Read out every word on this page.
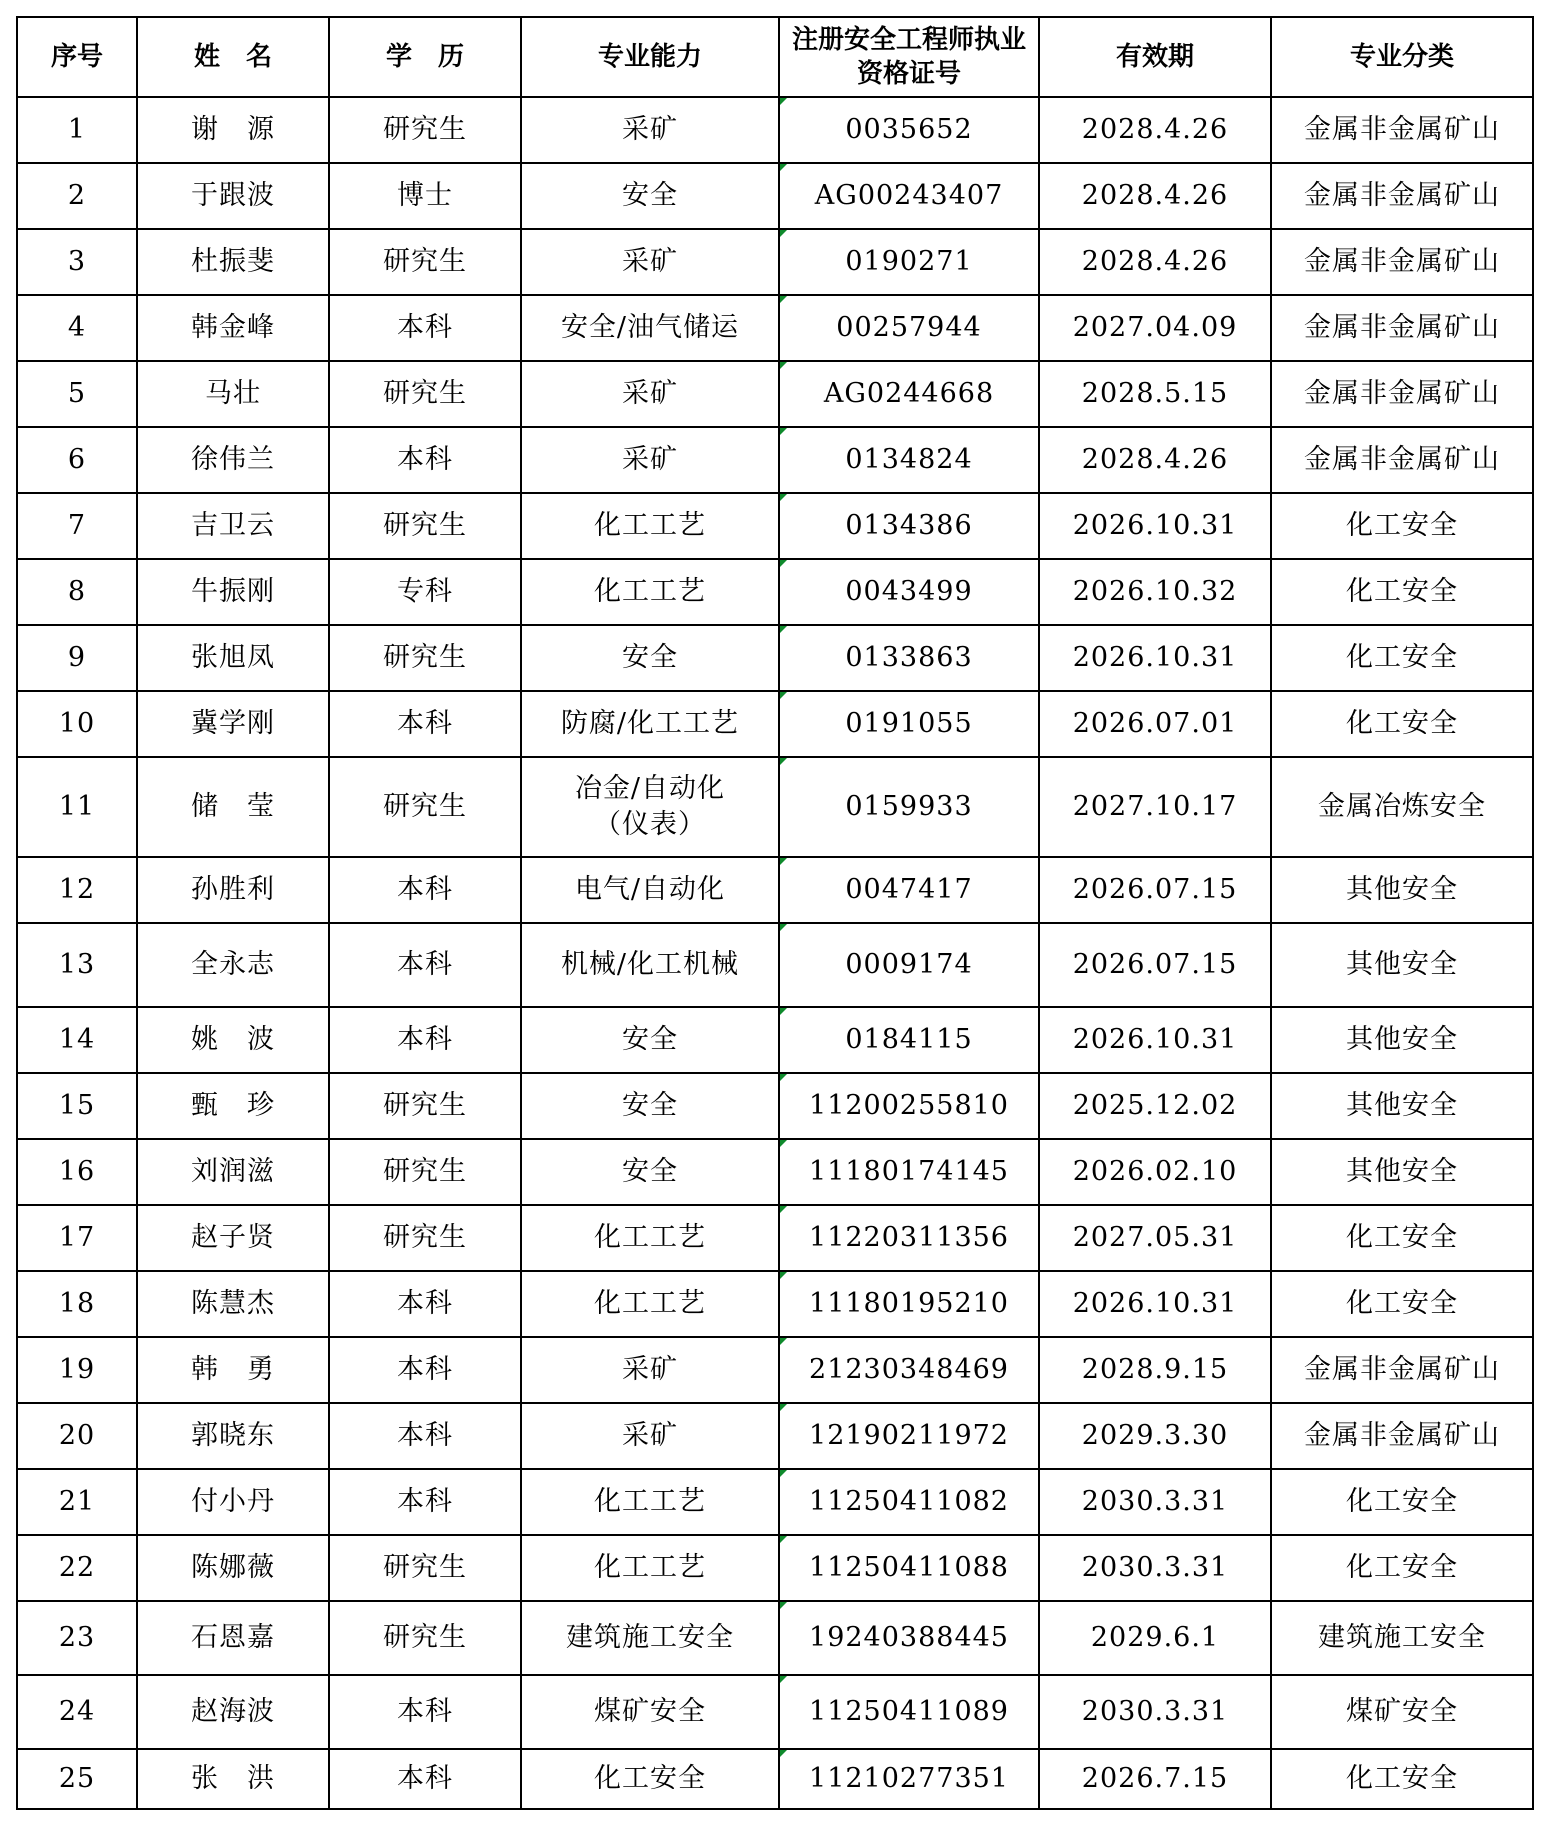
序号	姓　名	学　历	专业能力	注册安全工程师执业资格证号	有效期	专业分类
1	谢　源	研究生	采矿	0035652	2028.4.26	金属非金属矿山
2	于跟波	博士	安全	AG00243407	2028.4.26	金属非金属矿山
3	杜振斐	研究生	采矿	0190271	2028.4.26	金属非金属矿山
4	韩金峰	本科	安全/油气储运	00257944	2027.04.09	金属非金属矿山
5	马壮	研究生	采矿	AG0244668	2028.5.15	金属非金属矿山
6	徐伟兰	本科	采矿	0134824	2028.4.26	金属非金属矿山
7	吉卫云	研究生	化工工艺	0134386	2026.10.31	化工安全
8	牛振刚	专科	化工工艺	0043499	2026.10.32	化工安全
9	张旭凤	研究生	安全	0133863	2026.10.31	化工安全
10	冀学刚	本科	防腐/化工工艺	0191055	2026.07.01	化工安全
11	储　莹	研究生	冶金/自动化（仪表）	0159933	2027.10.17	金属冶炼安全
12	孙胜利	本科	电气/自动化	0047417	2026.07.15	其他安全
13	全永志	本科	机械/化工机械	0009174	2026.07.15	其他安全
14	姚　波	本科	安全	0184115	2026.10.31	其他安全
15	甄　珍	研究生	安全	11200255810	2025.12.02	其他安全
16	刘润滋	研究生	安全	11180174145	2026.02.10	其他安全
17	赵子贤	研究生	化工工艺	11220311356	2027.05.31	化工安全
18	陈慧杰	本科	化工工艺	11180195210	2026.10.31	化工安全
19	韩　勇	本科	采矿	21230348469	2028.9.15	金属非金属矿山
20	郭晓东	本科	采矿	12190211972	2029.3.30	金属非金属矿山
21	付小丹	本科	化工工艺	11250411082	2030.3.31	化工安全
22	陈娜薇	研究生	化工工艺	11250411088	2030.3.31	化工安全
23	石恩嘉	研究生	建筑施工安全	19240388445	2029.6.1	建筑施工安全
24	赵海波	本科	煤矿安全	11250411089	2030.3.31	煤矿安全
25	张　洪	本科	化工安全	11210277351	2026.7.15	化工安全
